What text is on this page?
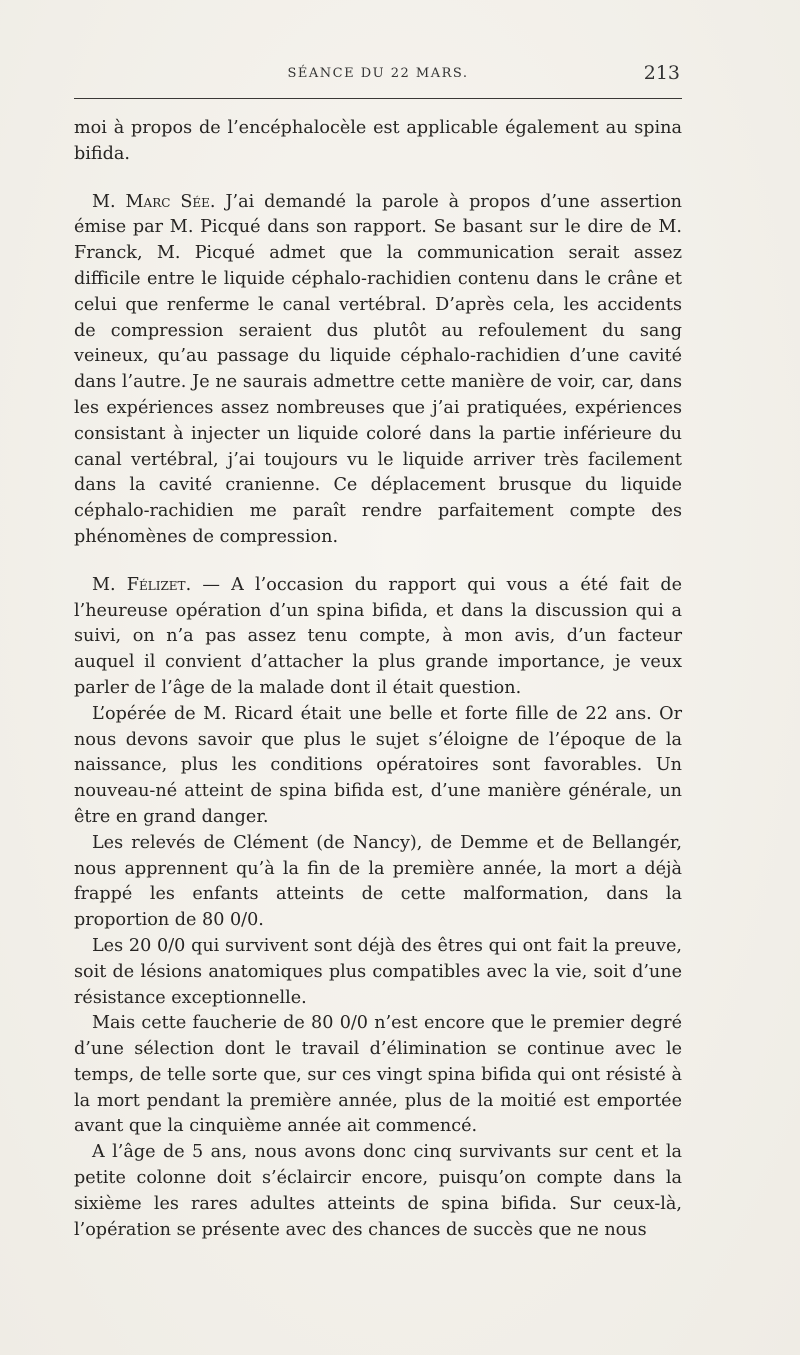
SÉANCE DU 22 MARS.	213

moi à propos de l’encéphalocèle est applicable également au spina bifida.

M. Marc Sée. J’ai demandé la parole à propos d’une assertion émise par M. Picqué dans son rapport. Se basant sur le dire de M. Franck, M. Picqué admet que la communication serait assez difficile entre le liquide céphalo-rachidien contenu dans le crâne et celui que renferme le canal vertébral. D’après cela, les accidents de compression seraient dus plutôt au refoulement du sang veineux, qu’au passage du liquide céphalo-rachidien d’une cavité dans l’autre. Je ne saurais admettre cette manière de voir, car, dans les expériences assez nombreuses que j’ai pratiquées, expériences consistant à injecter un liquide coloré dans la partie inférieure du canal vertébral, j’ai toujours vu le liquide arriver très facilement dans la cavité cranienne. Ce déplacement brusque du liquide céphalo-rachidien me paraît rendre parfaitement compte des phénomènes de compression.

M. Félizet. — A l’occasion du rapport qui vous a été fait de l’heureuse opération d’un spina bifida, et dans la discussion qui a suivi, on n’a pas assez tenu compte, à mon avis, d’un facteur auquel il convient d’attacher la plus grande importance, je veux parler de l’âge de la malade dont il était question.

L’opérée de M. Ricard était une belle et forte fille de 22 ans. Or nous devons savoir que plus le sujet s’éloigne de l’époque de la naissance, plus les conditions opératoires sont favorables. Un nouveau-né atteint de spina bifida est, d’une manière générale, un être en grand danger.

Les relevés de Clément (de Nancy), de Demme et de Bellangér, nous apprennent qu’à la fin de la première année, la mort a déjà frappé les enfants atteints de cette malformation, dans la proportion de 80 0/0.

Les 20 0/0 qui survivent sont déjà des êtres qui ont fait la preuve, soit de lésions anatomiques plus compatibles avec la vie, soit d’une résistance exceptionnelle.

Mais cette faucherie de 80 0/0 n’est encore que le premier degré d’une sélection dont le travail d’élimination se continue avec le temps, de telle sorte que, sur ces vingt spina bifida qui ont résisté à la mort pendant la première année, plus de la moitié est emportée avant que la cinquième année ait commencé.

A l’âge de 5 ans, nous avons donc cinq survivants sur cent et la petite colonne doit s’éclaircir encore, puisqu’on compte dans la sixième les rares adultes atteints de spina bifida. Sur ceux-là, l’opération se présente avec des chances de succès que ne nous
